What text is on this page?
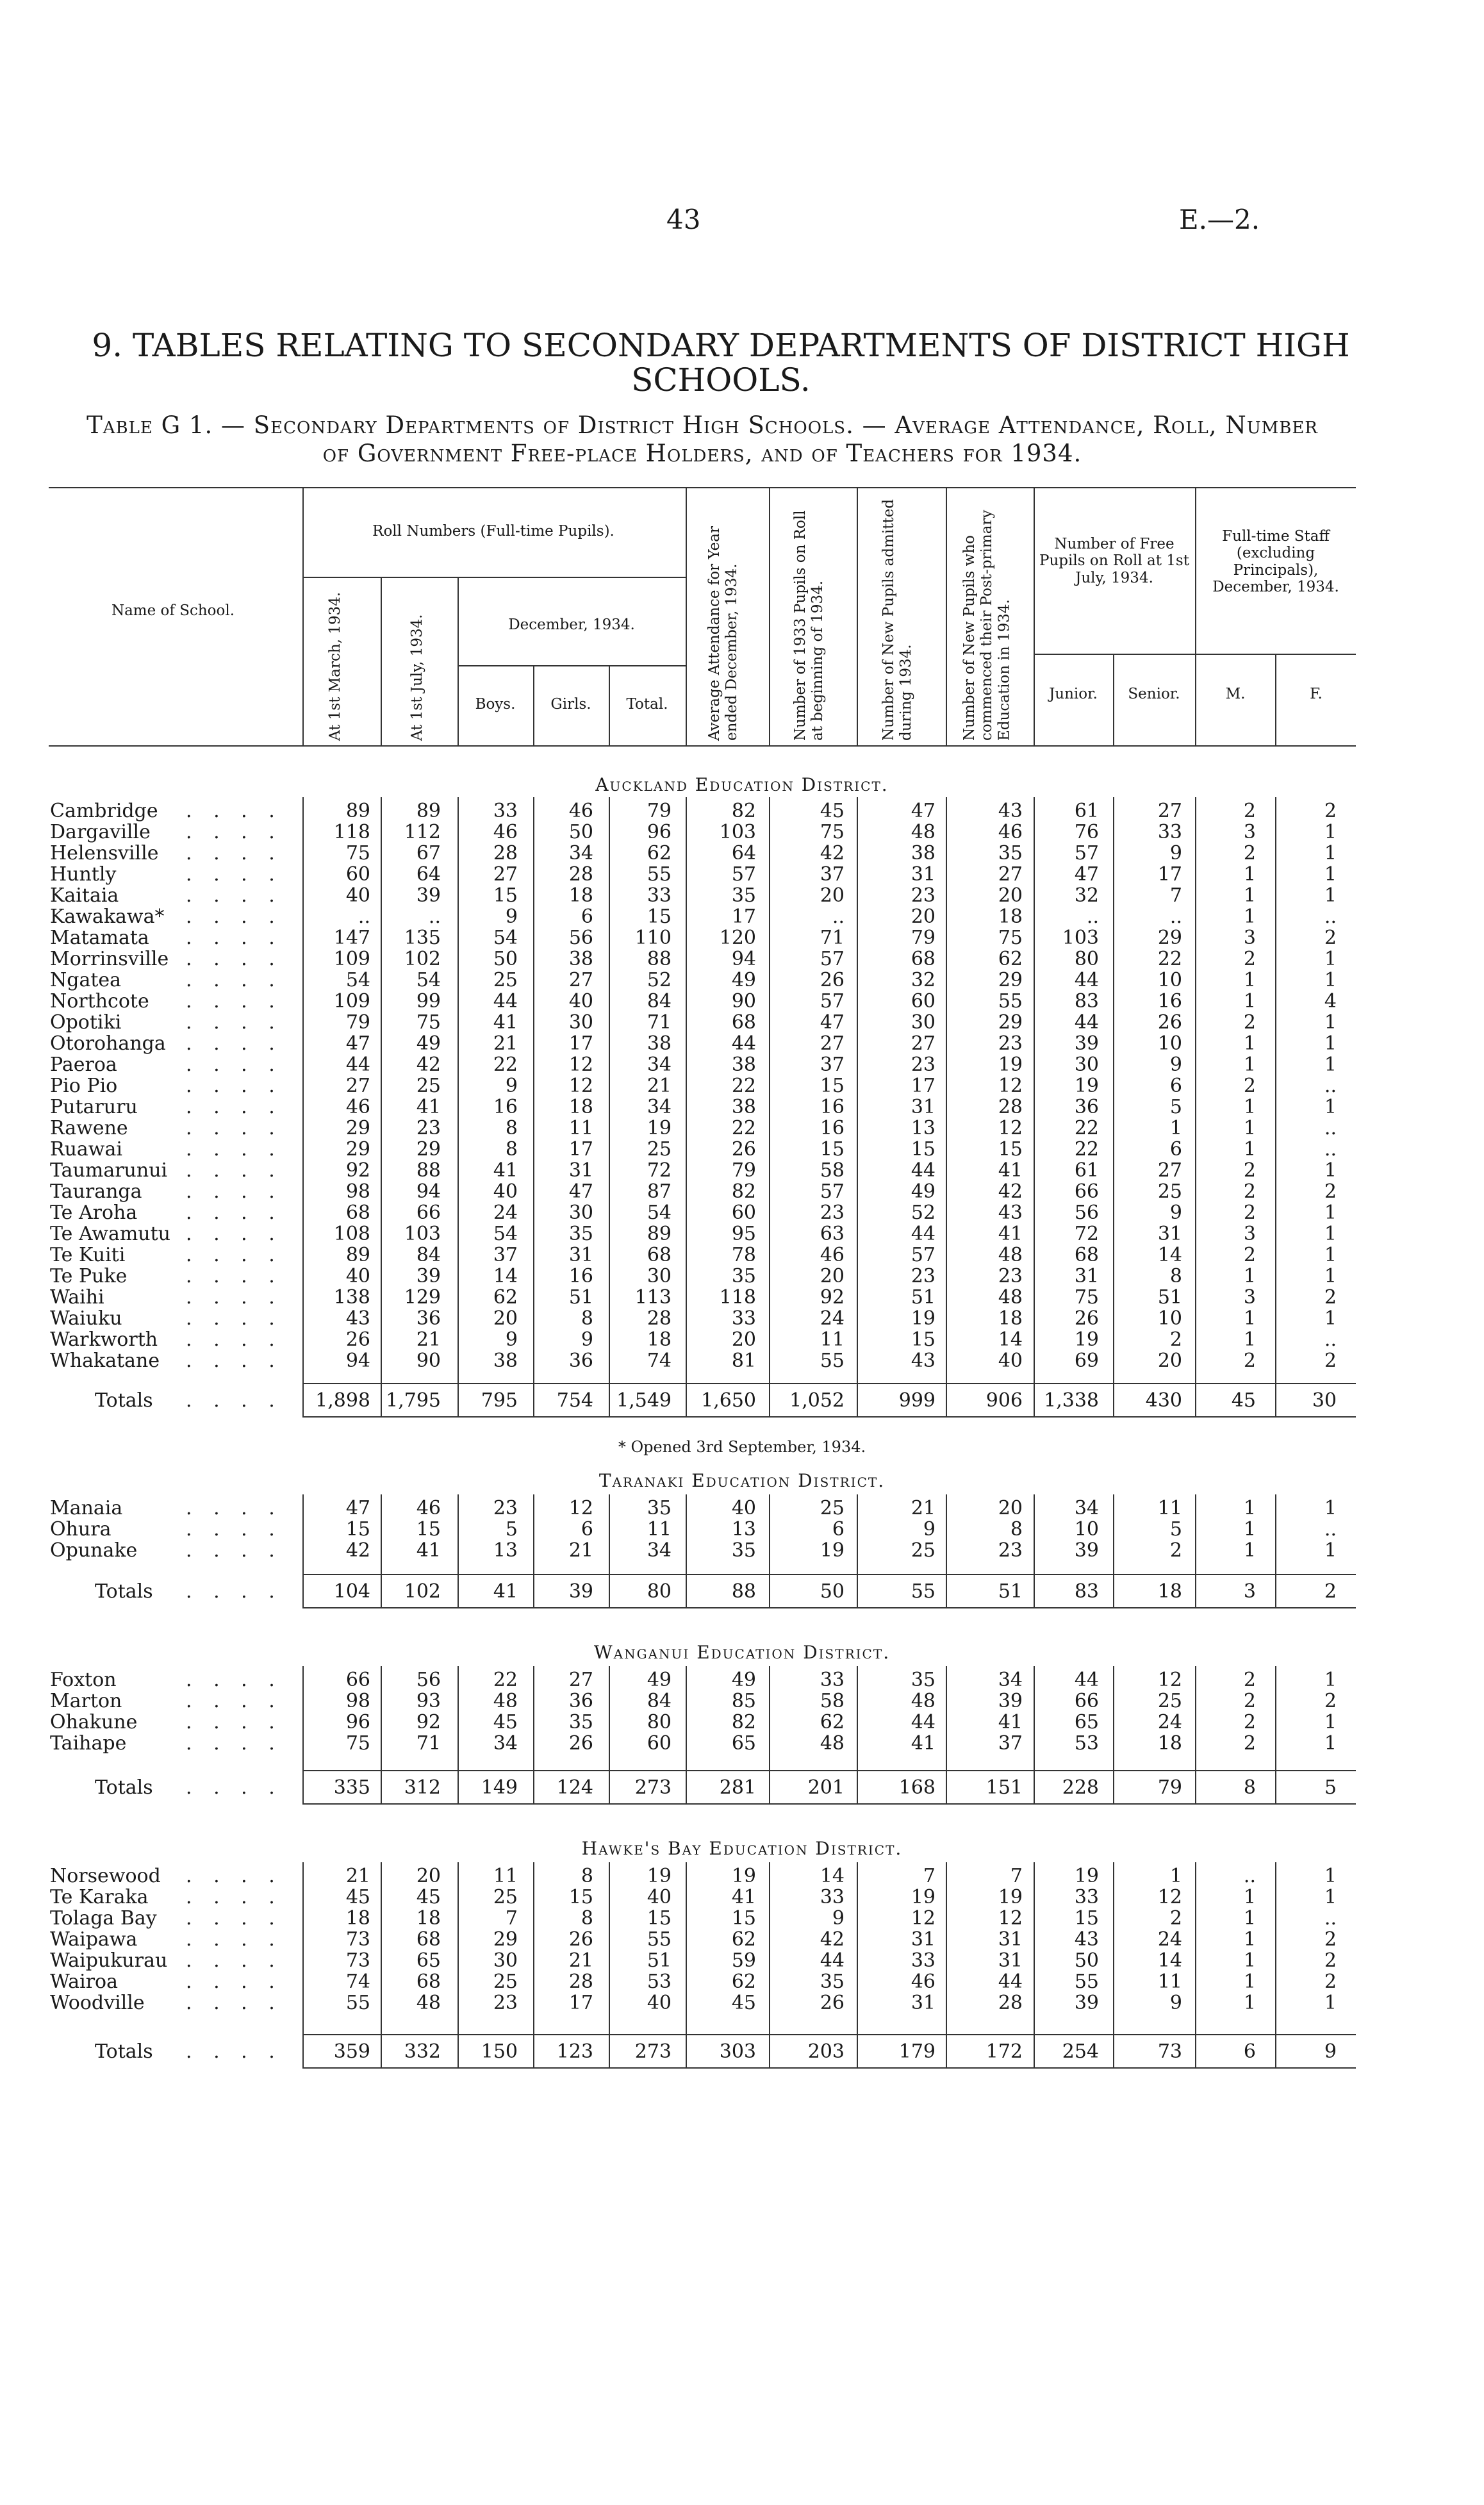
43	E.—2.
9. TABLES RELATING TO SECONDARY DEPARTMENTS OF DISTRICT HIGH SCHOOLS.
Table G 1. — Secondary Departments of District High Schools. — Average Attendance, Roll, Number
of Government Free-place Holders, and of Teachers for 1934.
Name of School.
Roll Numbers (Full-time Pupils).
At 1st March, 1934.	At 1st July, 1934.	December, 1934.
Boys.	Girls.	Total.	Average Attendance for Year ended December, 1934.	Number of 1933 Pupils on Roll at beginning of 1934.	Number of New Pupils admitted during 1934.	Number of New Pupils who commenced their Post-primary Education in 1934.
Number of Free Pupils on Roll at 1st July, 1934.
Junior.	Senior.
Full-time Staff (excluding Principals), December, 1934.
M.	F.
Auckland Education District.
* Opened 3rd September, 1934.
Taranaki Education District.
Wanganui Education District.
Hawke's Bay Education District.
Cambridge . . . .	89 89	33	46	79	82	45	47	43	61	27	2	2
Dargaville . . . .	118 112	46	50	96 103	75	48	46	76	33	3	1
Helensville . . . .	75 67	28	34	62	64	42	38	35	57	9	2	1
Huntly	. . . .	60 64	27	28	55	57	37	31	27	47	17	1	1
Kaitaia	. . . .	40 39	15	18	33	35	20	23	20	32	7	1	1
Kawakawa* . . . .	..	..	9	6	15	17	..	20	18	..	..	1	..
Matamata . . . .	147 135	54	56 110 120	71	79	75 103	29	3	2
Morrinsville . . . .	109 102	50	38	88	94	57	68	62	80	22	2	1
Ngatea	. . . .	54 54	25	27	52	49	26	32	29	44	10	1	1
Northcote . . . .	109 99	44	40	84	90	57	60	55	83	16	1	4
Opotiki	. . . .	79 75	41	30	71	68	47	30	29	44	26	2	1
Otorohanga . . . .	47 49	21	17	38	44	27	27	23	39	10	1	1
Paeroa	. . . .	44 42	22	12	34	38	37	23	19	30	9	1	1
Pio Pio	. . . .	27 25	9	12	21	22	15	17	12	19	6	2	..
Putaruru	. . . .	46 41	16	18	34	38	16	31	28	36	5	1	1
Rawene	. . . .	29 23	8	11	19	22	16	13	12	22	1	1	..
Ruawai	. . . .	29 29	8	17	25	26	15	15	15	22	6	1	..
Taumarunui . . . .	92 88	41	31	72	79	58	44	41	61	27	2	1
Tauranga . . . .	98 94	40	47	87	82	57	49	42	66	25	2	2
Te Aroha	. . . .	68 66	24	30	54	60	23	52	43	56	9	2	1
Te Awamutu . . . .	108 103	54	35	89	95	63	44	41	72	31	3	1
Te Kuiti	. . . .	89 84	37	31	68	78	46	57	48	68	14	2	1
Te Puke	. . . .	40 39	14	16	30	35	20	23	23	31	8	1	1
Waihi	. . . .	138 129	62	51 113 118	92	51	48	75	51	3	2
Waiuku	. . . .	43 36	20	8	28	33	24	19	18	26	10	1	1
Warkworth . . . .	26 21	9	9	18	20	11	15	14	19	2	1	..
Whakatane . . . .	94 90	38	36	74	81	55	43	40	69	20	2	2
Totals . . . . 1,898 1,795 795 754 1,549 1,650 1,052	999	906 1,338 430	45	30
Manaia	. . . .	47 46	23	12	35	40	25	21	20	34	11	1	1
Ohura	. . . .	15 15	5	6	11	13	6	9	8	10	5	1	..
Opunake	. . . .	42 41	13	21	34	35	19	25	23	39	2	1	1
Totals . . . .	104 102	41	39	80	88	50	55	51	83	18	3	2
Foxton	. . . .	66 56	22	27	49	49	33	35	34	44	12	2	1
Marton	. . . .	98 93	48	36	84	85	58	48	39	66	25	2	2
Ohakune	. . . .	96 92	45	35	80	82	62	44	41	65	24	2	1
Taihape	. . . .	75 71	34	26	60	65	48	41	37	53	18	2	1
Totals . . . .	335 312 149 124 273 281	201	168	151 228	79	8	5
Norsewood . . . .	21 20	11	8	19	19	14	7	7	19	1	..	1
Te Karaka . . . .	45 45	25	15	40	41	33	19	19	33	12	1	1
Tolaga Bay . . . .	18 18	7	8	15	15	9	12	12	15	2	1	..
Waipawa	. . . .	73 68	29	26	55	62	42	31	31	43	24	1	2
Waipukurau . . . .	73 65	30	21	51	59	44	33	31	50	14	1	2
Wairoa	. . . .	74 68	25	28	53	62	35	46	44	55	11	1	2
Woodville . . . .	55 48	23	17	40	45	26	31	28	39	9	1	1
Totals . . . .	359 332 150 123 273 303	203	179	172 254	73	6	9
